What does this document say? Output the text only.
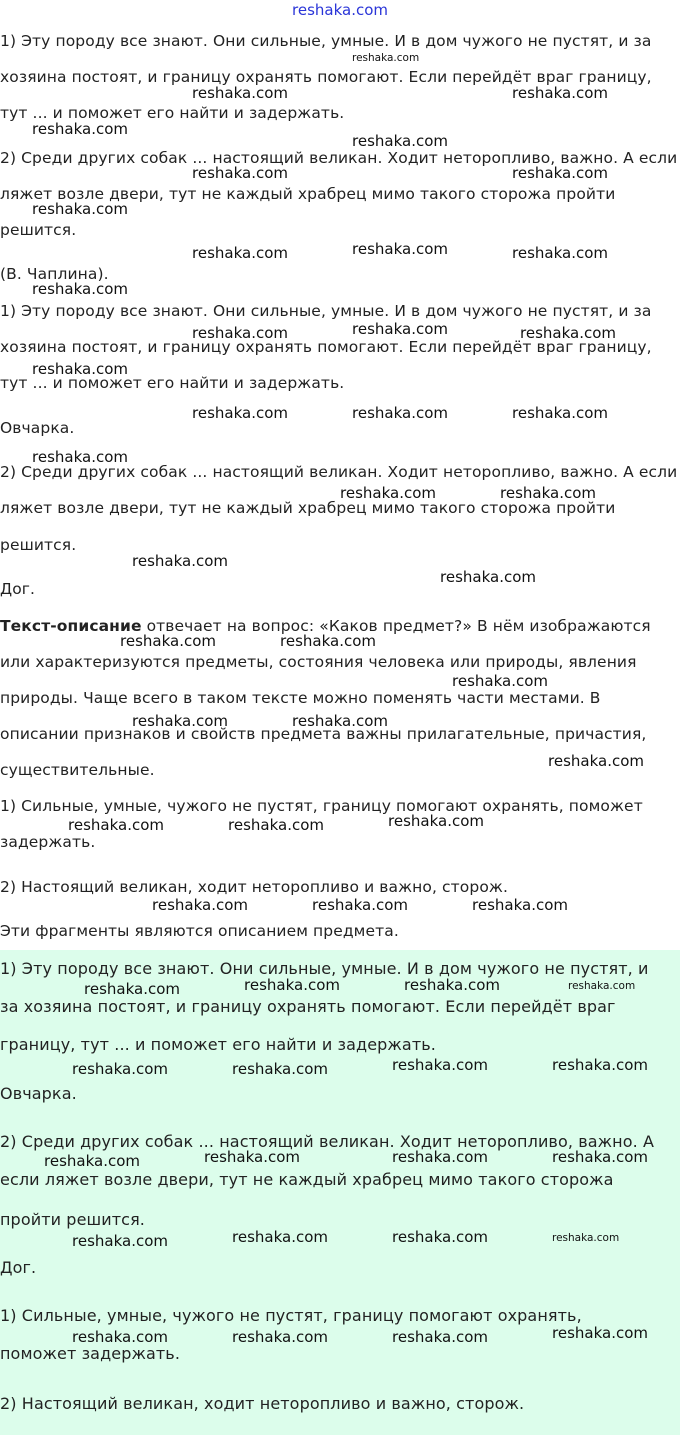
reshaka.com

1) Эту породу все знают. Они сильные, умные. И в дом чужого не пустят, и за

хозяина постоят, и границу охранять помогают. Если перейдёт враг границу,

тут ... и поможет его найти и задержать.

2) Среди других собак ... настоящий великан. Ходит неторопливо, важно. А если

ляжет возле двери, тут не каждый храбрец мимо такого сторожа пройти

решится.

(В. Чаплина).

1) Эту породу все знают. Они сильные, умные. И в дом чужого не пустят, и за

хозяина постоят, и границу охранять помогают. Если перейдёт враг границу,

тут ... и поможет его найти и задержать.

Овчарка.

2) Среди других собак ... настоящий великан. Ходит неторопливо, важно. А если

ляжет возле двери, тут не каждый храбрец мимо такого сторожа пройти

решится.

Дог.

Текст-описание отвечает на вопрос: «Каков предмет?» В нём изображаются

или характеризуются предметы, состояния человека или природы, явления

природы. Чаще всего в таком тексте можно поменять части местами. В

описании признаков и свойств предмета важны прилагательные, причастия,

существительные.

1) Сильные, умные, чужого не пустят, границу помогают охранять, поможет

задержать.

2) Настоящий великан, ходит неторопливо и важно, сторож.

Эти фрагменты являются описанием предмета.

1) Эту породу все знают. Они сильные, умные. И в дом чужого не пустят, и

за хозяина постоят, и границу охранять помогают. Если перейдёт враг

границу, тут ... и поможет его найти и задержать.

Овчарка.

2) Среди других собак ... настоящий великан. Ходит неторопливо, важно. А

если ляжет возле двери, тут не каждый храбрец мимо такого сторожа

пройти решится.

Дог.

1) Сильные, умные, чужого не пустят, границу помогают охранять,

поможет задержать.

2) Настоящий великан, ходит неторопливо и важно, сторож.

reshaka.com
reshaka.com	reshaka.com
reshaka.com
reshaka.com
reshaka.com	reshaka.com
reshaka.com
reshaka.com
reshaka.com	reshaka.com
reshaka.com
reshaka.com
reshaka.com	reshaka.com
reshaka.com
reshaka.com	reshaka.com	reshaka.com
reshaka.com
reshaka.com	reshaka.com
reshaka.com
reshaka.com
reshaka.com	reshaka.com
reshaka.com
reshaka.com	reshaka.com
reshaka.com
reshaka.com	reshaka.com	reshaka.com
reshaka.com	reshaka.com	reshaka.com
reshaka.com	reshaka.com	reshaka.com	reshaka.com
reshaka.com	reshaka.com	reshaka.com	reshaka.com
reshaka.com	reshaka.com	reshaka.com	reshaka.com
reshaka.com	reshaka.com	reshaka.com	reshaka.com
reshaka.com	reshaka.com	reshaka.com	reshaka.com
